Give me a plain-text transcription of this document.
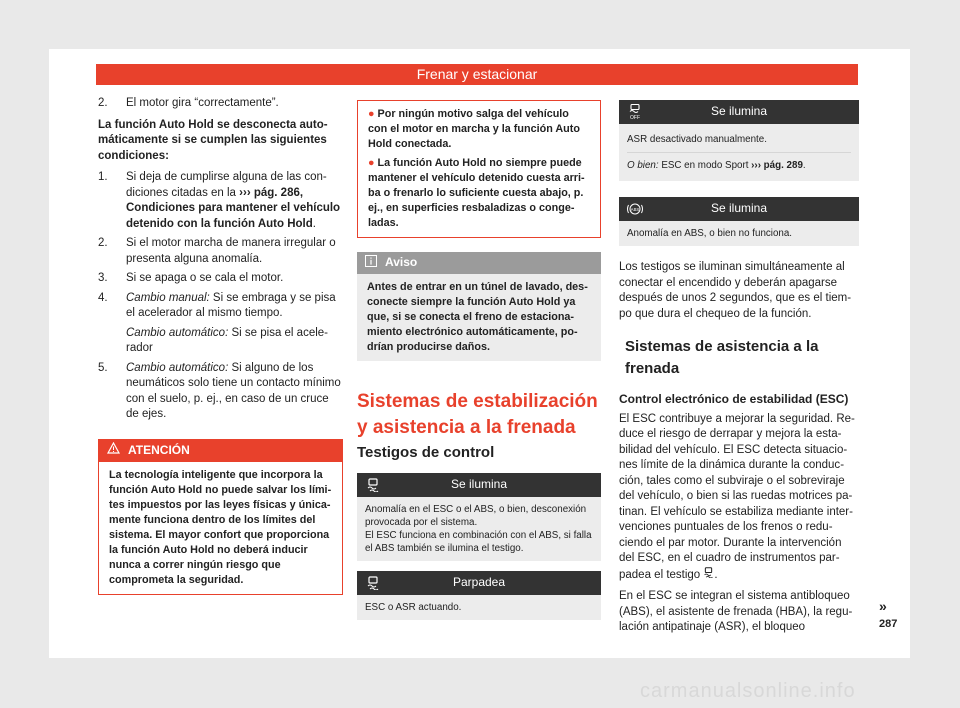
Frenar y estacionar
2.	El motor gira “correctamente”.

La función Auto Hold se desconecta automáticamente si se cumplen las siguientes condiciones:

1.	Si deja de cumplirse alguna de las condiciones citadas en la ››› pág. 286, Condiciones para mantener el vehículo detenido con la función Auto Hold.
2.	Si el motor marcha de manera irregular o presenta alguna anomalía.
3.	Si se apaga o se cala el motor.
4.	Cambio manual: Si se embraga y se pisa el acelerador al mismo tiempo.
Cambio automático: Si se pisa el acelerador
5.	Cambio automático: Si alguno de los neumáticos solo tiene un contacto mínimo con el suelo, p. ej., en caso de un cruce de ejes.
ATENCIÓN
La tecnología inteligente que incorpora la función Auto Hold no puede salvar los límites impuestos por las leyes físicas y únicamente funciona dentro de los límites del sistema. El mayor confort que proporciona la función Auto Hold no deberá inducir nunca a correr ningún riesgo que comprometa la seguridad.
● Por ningún motivo salga del vehículo con el motor en marcha y la función Auto Hold conectada.
● La función Auto Hold no siempre puede mantener el vehículo detenido cuesta arriba o frenarlo lo suficiente cuesta abajo, p. ej., en superficies resbaladizas o congeladas.
Aviso
Antes de entrar en un túnel de lavado, desconecte siempre la función Auto Hold ya que, si se conecta el freno de estacionamiento electrónico automáticamente, podrían producirse daños.
Sistemas de estabilización y asistencia a la frenada
Testigos de control
Se ilumina
Anomalía en el ESC o el ABS, o bien, desconexión provocada por el sistema.
El ESC funciona en combinación con el ABS, si falla el ABS también se ilumina el testigo.
Parpadea
ESC o ASR actuando.
OFF	Se ilumina
ASR desactivado manualmente.
O bien: ESC en modo Sport ››› pág. 289.
ABS	Se ilumina
Anomalía en ABS, o bien no funciona.

Los testigos se iluminan simultáneamente al conectar el encendido y deberán apagarse después de unos 2 segundos, que es el tiempo que dura el chequeo de la función.

Sistemas de asistencia a la frenada
Control electrónico de estabilidad (ESC)

El ESC contribuye a mejorar la seguridad. Reduce el riesgo de derrapar y mejora la estabilidad del vehículo. El ESC detecta situaciones límite de la dinámica durante la conducción, tales como el subviraje o el sobreviraje del vehículo, o bien si las ruedas motrices patinan. El vehículo se estabiliza mediante intervenciones puntuales de los frenos o reduciendo el par motor. Durante la intervención del ESC, en el cuadro de instrumentos parpadea el testigo .

En el ESC se integran el sistema antibloqueo (ABS), el asistente de frenada (HBA), la regulación antipatinaje (ASR), el bloqueo

»
287
carmanualsonline.info
